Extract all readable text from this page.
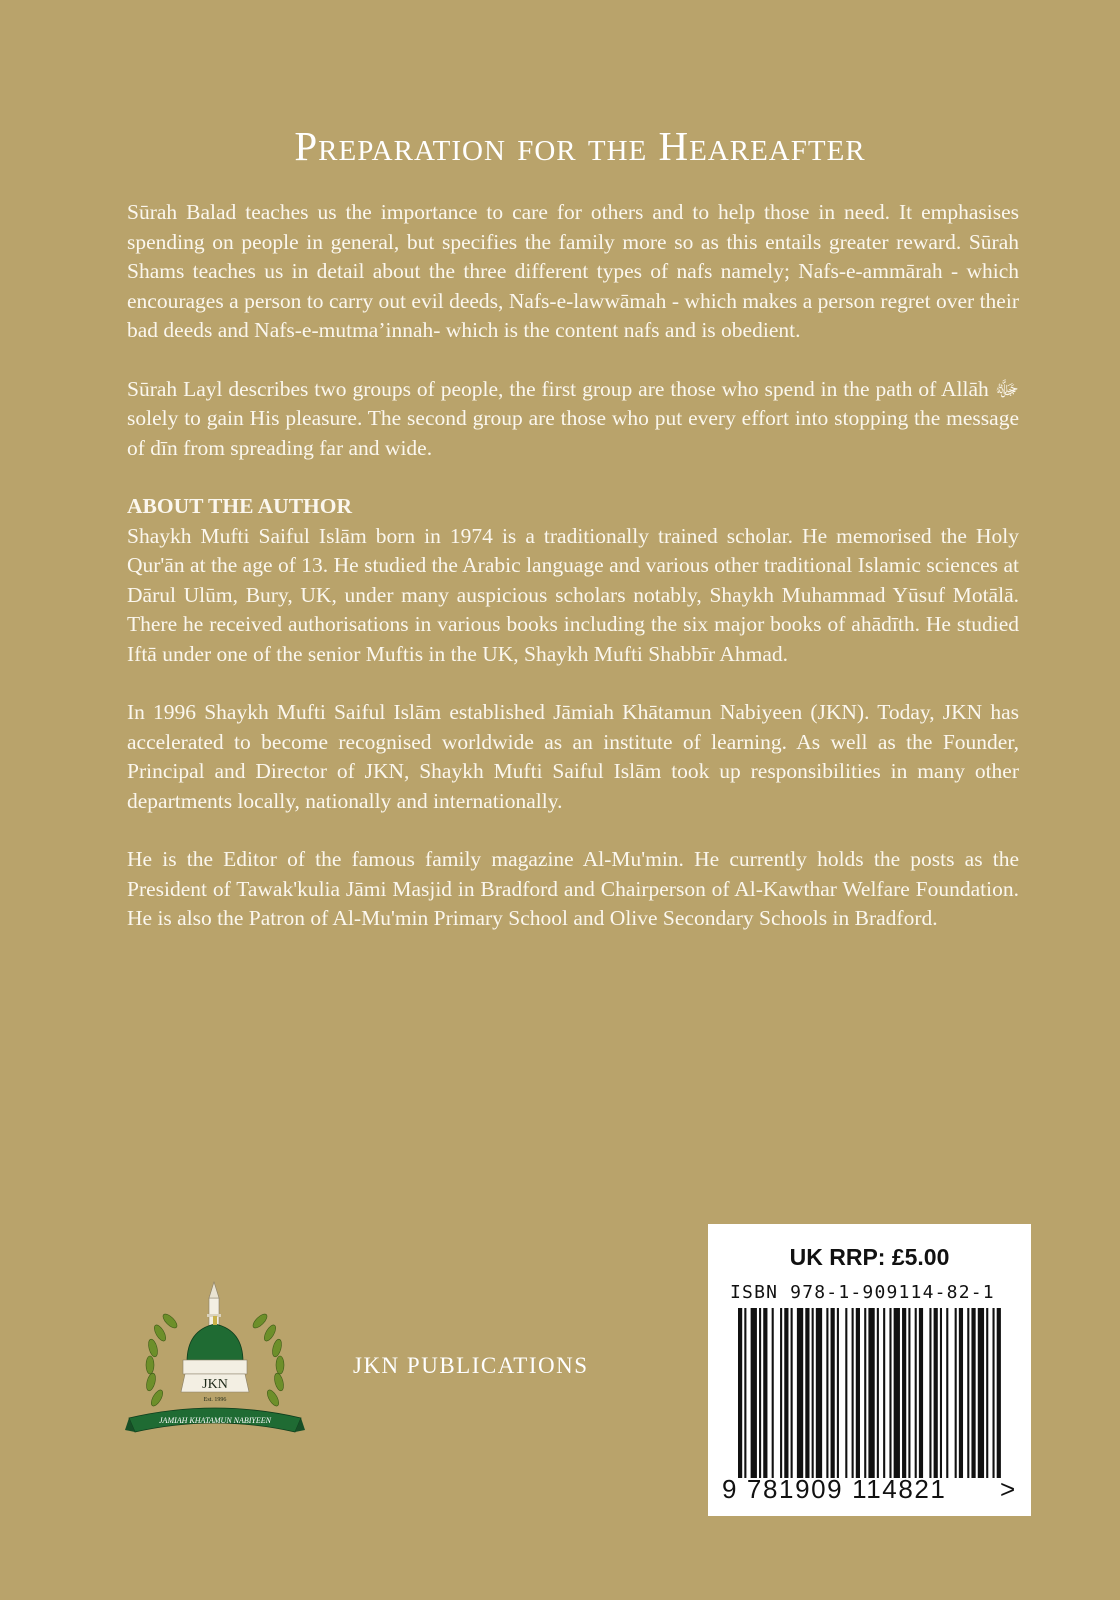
Preparation for the Heareafter

Sūrah Balad teaches us the importance to care for others and to help those in need. It emphasises spending on people in general, but specifies the family more so as this entails greater reward. Sūrah Shams teaches us in detail about the three different types of nafs namely; Nafs-e-ammārah - which encourages a person to carry out evil deeds, Nafs-e-lawwāmah - which makes a person regret over their bad deeds and Nafs-e-mutma’innah- which is the content nafs and is obedient.

Sūrah Layl describes two groups of people, the first group are those who spend in the path of Allāh ﷻ solely to gain His pleasure. The second group are those who put every effort into stopping the message of dīn from spreading far and wide.

ABOUT THE AUTHOR

Shaykh Mufti Saiful Islām born in 1974 is a traditionally trained scholar. He memorised the Holy Qur'ān at the age of 13. He studied the Arabic language and various other traditional Islamic sciences at Dārul Ulūm, Bury, UK, under many auspicious scholars notably, Shaykh Muhammad Yūsuf Motālā. There he received authorisations in various books including the six major books of ahādīth. He studied Iftā under one of the senior Muftis in the UK, Shaykh Mufti Shabbīr Ahmad.

In 1996 Shaykh Mufti Saiful Islām established Jāmiah Khātamun Nabiyeen (JKN). Today, JKN has accelerated to become recognised worldwide as an institute of learning. As well as the Founder, Principal and Director of JKN, Shaykh Mufti Saiful Islām took up responsibilities in many other departments locally, nationally and internationally.

He is the Editor of the famous family magazine Al-Mu'min. He currently holds the posts as the President of Tawak'kulia Jāmi Masjid in Bradford and Chairperson of Al-Kawthar Welfare Foundation. He is also the Patron of Al-Mu'min Primary School and Olive Secondary Schools in Bradford.

JKN
Est. 1996
JAMIAH KHATAMUN NABIYEEN
JKN PUBLICATIONS
UK RRP: £5.00
ISBN 978-1-909114-82-1
9 781909 114821 >
